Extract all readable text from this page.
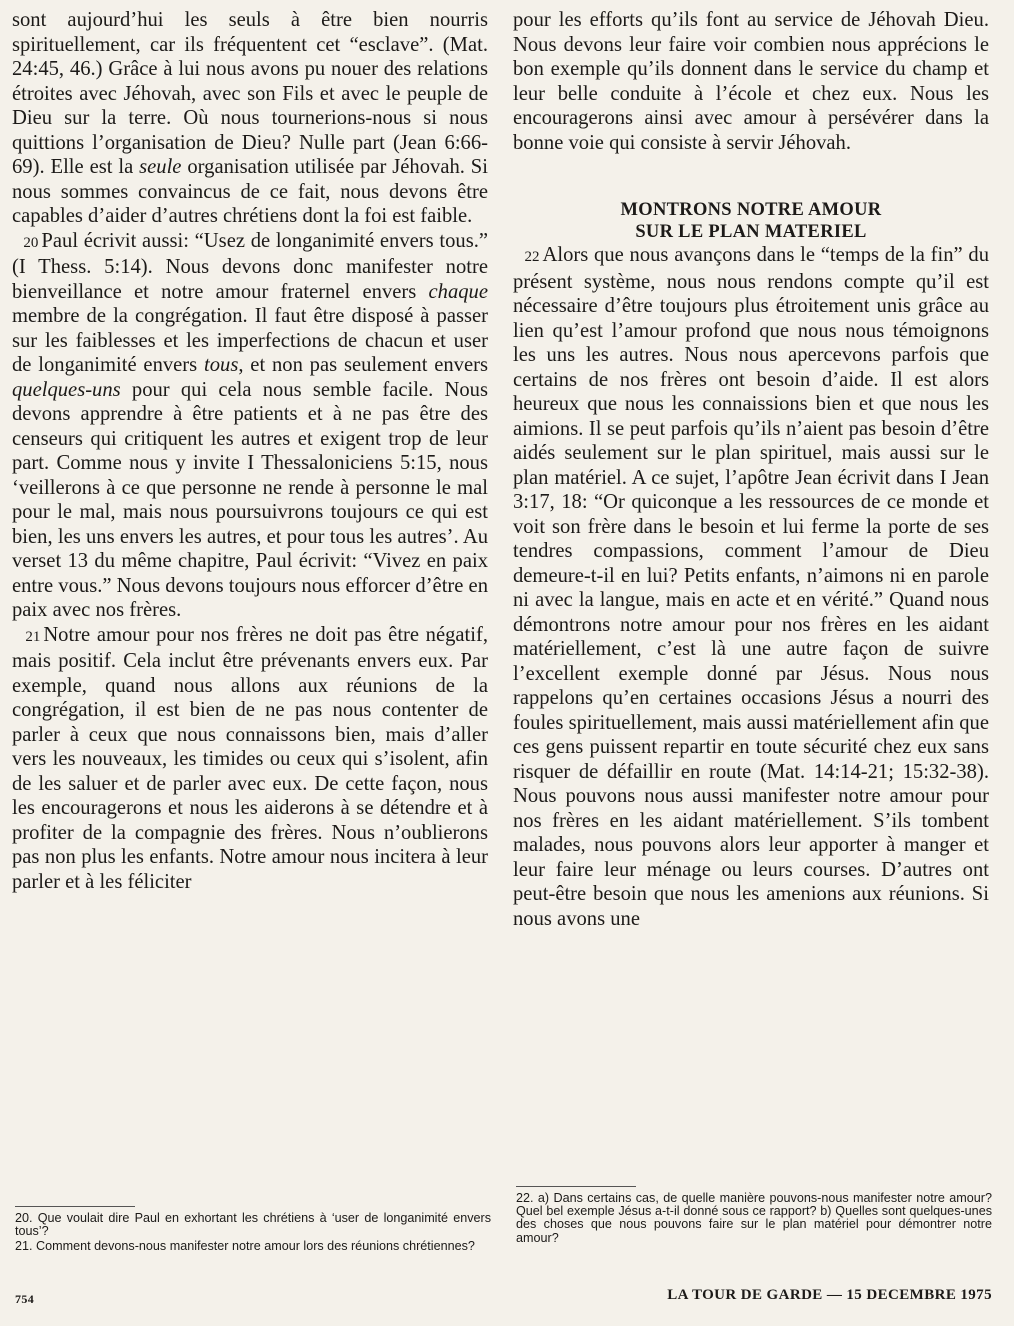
sont aujourd’hui les seuls à être bien nourris spirituellement, car ils fréquentent cet “esclave”. (Mat. 24:45, 46.) Grâce à lui nous avons pu nouer des relations étroites avec Jéhovah, avec son Fils et avec le peuple de Dieu sur la terre. Où nous tournerions-nous si nous quittions l’organisation de Dieu? Nulle part (Jean 6:66-69). Elle est la seule organisation utilisée par Jéhovah. Si nous sommes convaincus de ce fait, nous devons être capables d’aider d’autres chrétiens dont la foi est faible.

20 Paul écrivit aussi: “Usez de longanimité envers tous.” (I Thess. 5:14). Nous devons donc manifester notre bienveillance et notre amour fraternel envers chaque membre de la congrégation. Il faut être disposé à passer sur les faiblesses et les imperfections de chacun et user de longanimité envers tous, et non pas seulement envers quelques-uns pour qui cela nous semble facile. Nous devons apprendre à être patients et à ne pas être des censeurs qui critiquent les autres et exigent trop de leur part. Comme nous y invite I Thessaloniciens 5:15, nous ‘veillerons à ce que personne ne rende à personne le mal pour le mal, mais nous poursuivrons toujours ce qui est bien, les uns envers les autres, et pour tous les autres’. Au verset 13 du même chapitre, Paul écrivit: “Vivez en paix entre vous.” Nous devons toujours nous efforcer d’être en paix avec nos frères.

21 Notre amour pour nos frères ne doit pas être négatif, mais positif. Cela inclut être prévenants envers eux. Par exemple, quand nous allons aux réunions de la congrégation, il est bien de ne pas nous contenter de parler à ceux que nous connaissons bien, mais d’aller vers les nouveaux, les timides ou ceux qui s’isolent, afin de les saluer et de parler avec eux. De cette façon, nous les encouragerons et nous les aiderons à se détendre et à profiter de la compagnie des frères. Nous n’oublierons pas non plus les enfants. Notre amour nous incitera à leur parler et à les féliciter

pour les efforts qu’ils font au service de Jéhovah Dieu. Nous devons leur faire voir combien nous apprécions le bon exemple qu’ils donnent dans le service du champ et leur belle conduite à l’école et chez eux. Nous les encouragerons ainsi avec amour à persévérer dans la bonne voie qui consiste à servir Jéhovah.

MONTRONS NOTRE AMOUR
SUR LE PLAN MATERIEL

22 Alors que nous avançons dans le “temps de la fin” du présent système, nous nous rendons compte qu’il est nécessaire d’être toujours plus étroitement unis grâce au lien qu’est l’amour profond que nous nous témoignons les uns les autres. Nous nous apercevons parfois que certains de nos frères ont besoin d’aide. Il est alors heureux que nous les connaissions bien et que nous les aimions. Il se peut parfois qu’ils n’aient pas besoin d’être aidés seulement sur le plan spirituel, mais aussi sur le plan matériel. A ce sujet, l’apôtre Jean écrivit dans I Jean 3:17, 18: “Or quiconque a les ressources de ce monde et voit son frère dans le besoin et lui ferme la porte de ses tendres compassions, comment l’amour de Dieu demeure-t-il en lui? Petits enfants, n’aimons ni en parole ni avec la langue, mais en acte et en vérité.” Quand nous démontrons notre amour pour nos frères en les aidant matériellement, c’est là une autre façon de suivre l’excellent exemple donné par Jésus. Nous nous rappelons qu’en certaines occasions Jésus a nourri des foules spirituellement, mais aussi matériellement afin que ces gens puissent repartir en toute sécurité chez eux sans risquer de défaillir en route (Mat. 14:14-21; 15:32-38). Nous pouvons nous aussi manifester notre amour pour nos frères en les aidant matériellement. S’ils tombent malades, nous pouvons alors leur apporter à manger et leur faire leur ménage ou leurs courses. D’autres ont peut-être besoin que nous les amenions aux réunions. Si nous avons une

20. Que voulait dire Paul en exhortant les chrétiens à ‘user de longanimité envers tous’?

21. Comment devons-nous manifester notre amour lors des réunions chrétiennes?

22. a) Dans certains cas, de quelle manière pouvons-nous manifester notre amour? Quel bel exemple Jésus a-t-il donné sous ce rapport? b) Quelles sont quelques-unes des choses que nous pouvons faire sur le plan matériel pour démontrer notre amour?

754	LA TOUR DE GARDE — 15 DECEMBRE 1975
